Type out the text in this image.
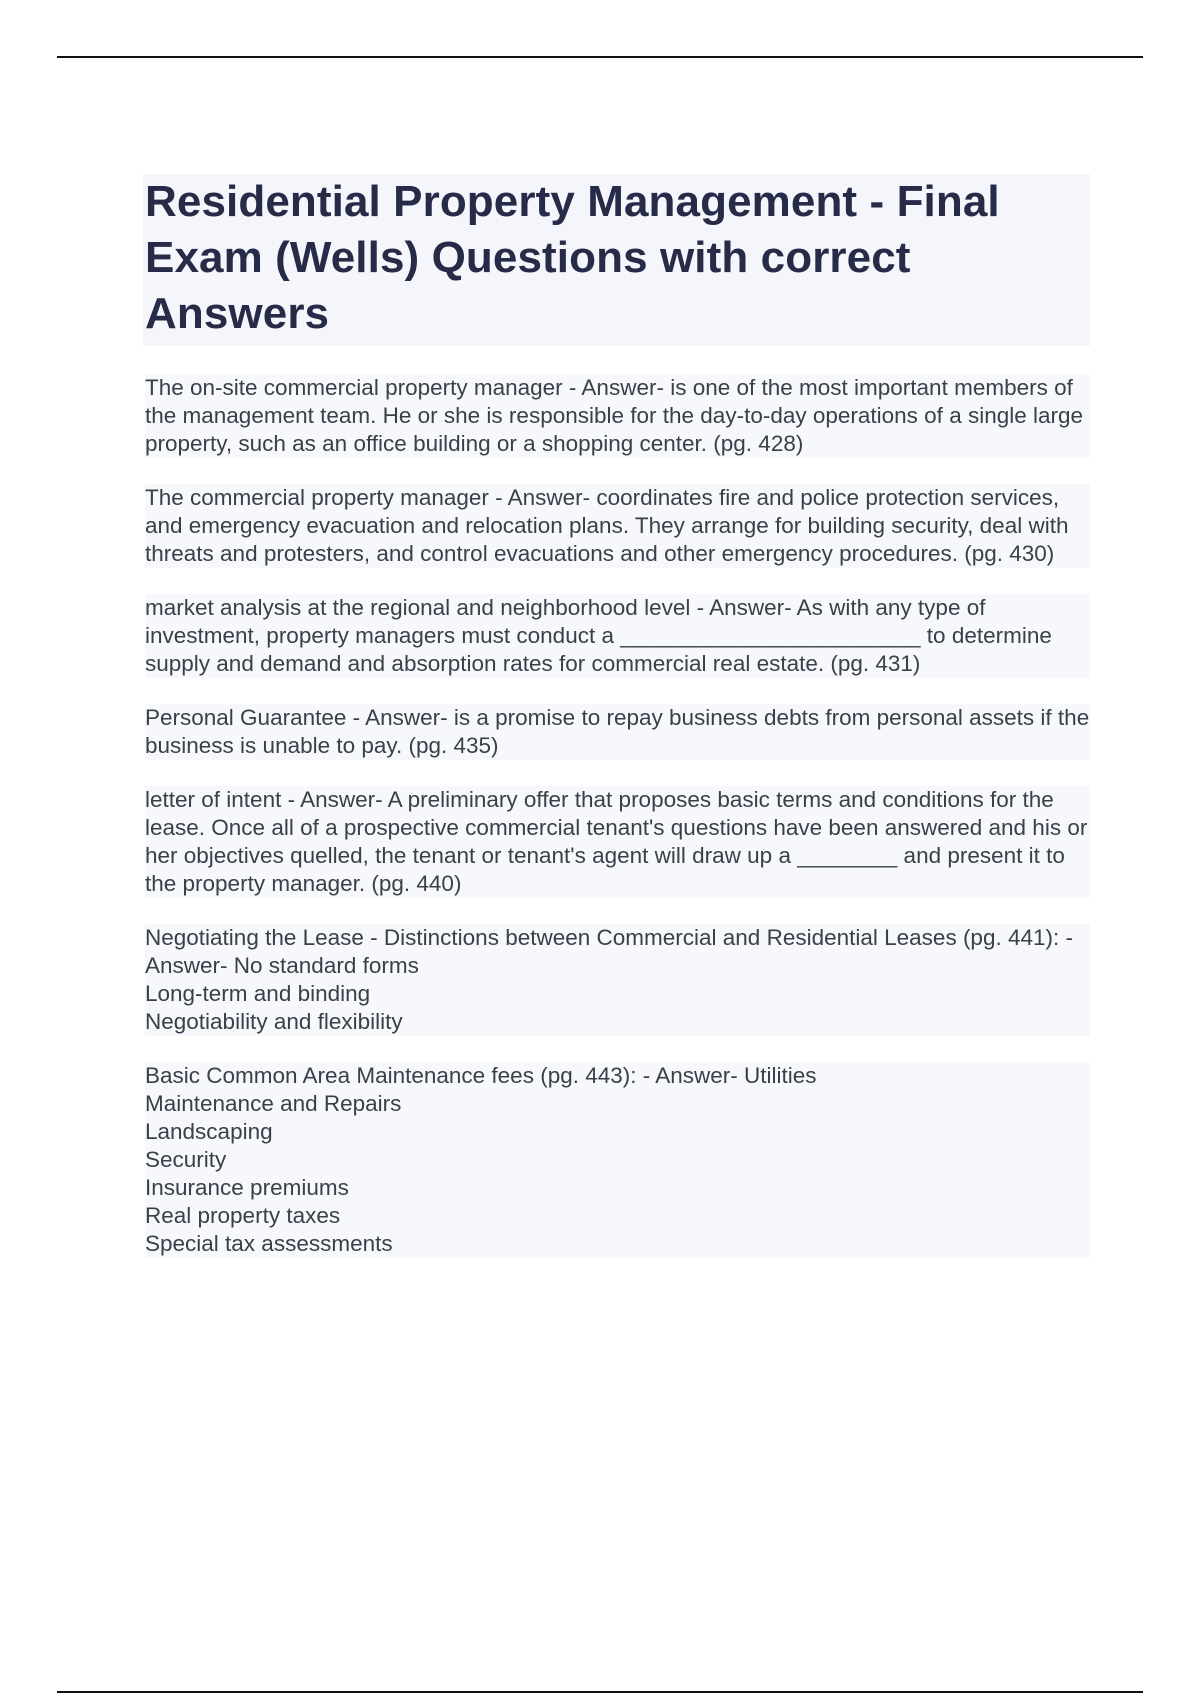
Residential Property Management - Final Exam (Wells) Questions with correct Answers

The on-site commercial property manager - Answer- is one of the most important members of the management team. He or she is responsible for the day-to-day operations of a single large property, such as an office building or a shopping center. (pg. 428)

The commercial property manager - Answer- coordinates fire and police protection services, and emergency evacuation and relocation plans. They arrange for building security, deal with threats and protesters, and control evacuations and other emergency procedures. (pg. 430)

market analysis at the regional and neighborhood level - Answer- As with any type of investment, property managers must conduct a ________________________ to determine supply and demand and absorption rates for commercial real estate. (pg. 431)

Personal Guarantee - Answer- is a promise to repay business debts from personal assets if the business is unable to pay. (pg. 435)

letter of intent - Answer- A preliminary offer that proposes basic terms and conditions for the lease. Once all of a prospective commercial tenant's questions have been answered and his or her objectives quelled, the tenant or tenant's agent will draw up a ________ and present it to the property manager. (pg. 440)

Negotiating the Lease - Distinctions between Commercial and Residential Leases (pg. 441): - Answer- No standard forms
Long-term and binding
Negotiability and flexibility

Basic Common Area Maintenance fees (pg. 443): - Answer- Utilities
Maintenance and Repairs
Landscaping
Security
Insurance premiums
Real property taxes
Special tax assessments
